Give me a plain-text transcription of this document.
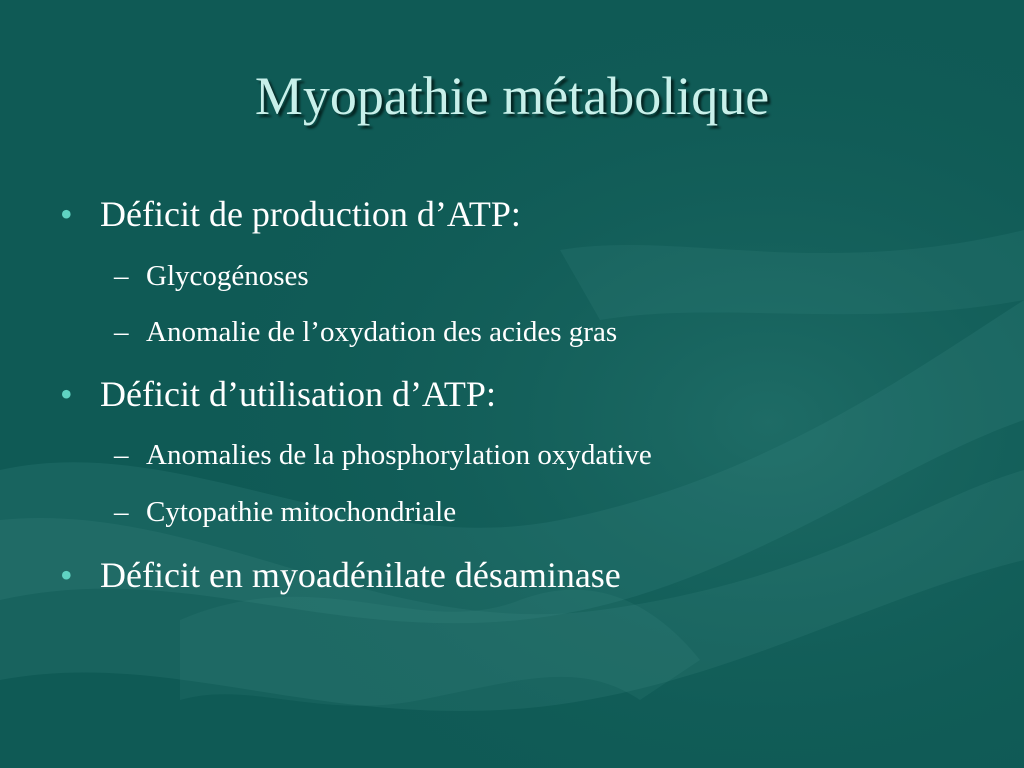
Myopathie métabolique
• Déficit de production d’ATP:
– Glycogénoses
– Anomalie de l’oxydation des acides gras
• Déficit d’utilisation d’ATP:
– Anomalies de la phosphorylation oxydative
– Cytopathie mitochondriale
• Déficit en myoadénilate désaminase
